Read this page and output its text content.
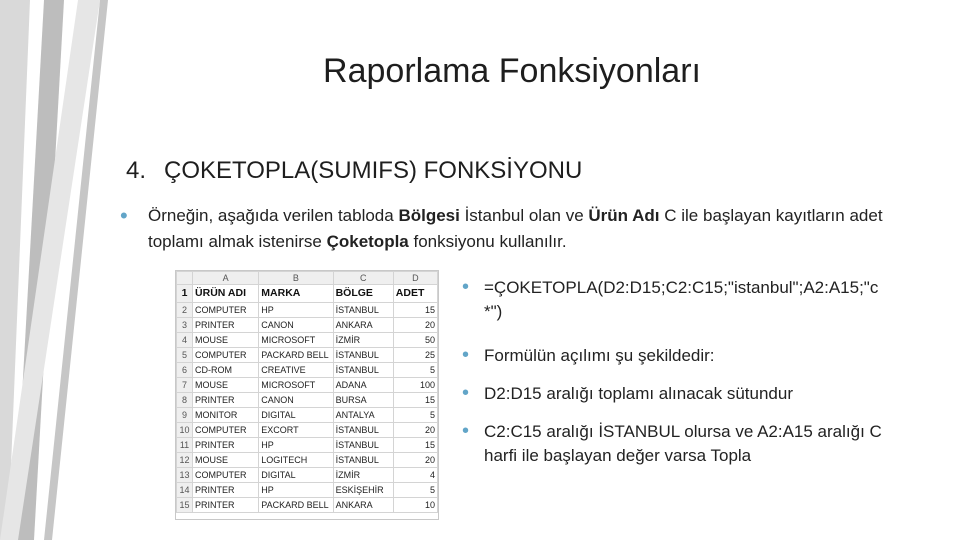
Raporlama Fonksiyonları
4. ÇOKETOPLA(SUMIFS) FONKSİYONU
•	Örneğin, aşağıda verilen tabloda Bölgesi İstanbul olan ve Ürün Adı C ile başlayan kayıtların adet toplamı almak istenirse Çoketopla fonksiyonu kullanılır.
	A	B	C	D
1	ÜRÜN ADI	MARKA	BÖLGE	ADET
2	COMPUTER	HP	İSTANBUL	15
3	PRINTER	CANON	ANKARA	20
4	MOUSE	MICROSOFT	İZMİR	50
5	COMPUTER	PACKARD BELL	İSTANBUL	25
6	CD-ROM	CREATIVE	İSTANBUL	5
7	MOUSE	MICROSOFT	ADANA	100
8	PRINTER	CANON	BURSA	15
9	MONITOR	DIGITAL	ANTALYA	5
10	COMPUTER	EXCORT	İSTANBUL	20
11	PRINTER	HP	İSTANBUL	15
12	MOUSE	LOGITECH	İSTANBUL	20
13	COMPUTER	DIGITAL	İZMİR	4
14	PRINTER	HP	ESKİŞEHİR	5
15	PRINTER	PACKARD BELL	ANKARA	10
• =ÇOKETOPLA(D2:D15;C2:C15;"istanbul";A2:A15;"c*")
• Formülün açılımı şu şekildedir:
• D2:D15 aralığı toplamı alınacak sütundur
• C2:C15 aralığı İSTANBUL olursa ve A2:A15 aralığı C harfi ile başlayan değer varsa Topla
